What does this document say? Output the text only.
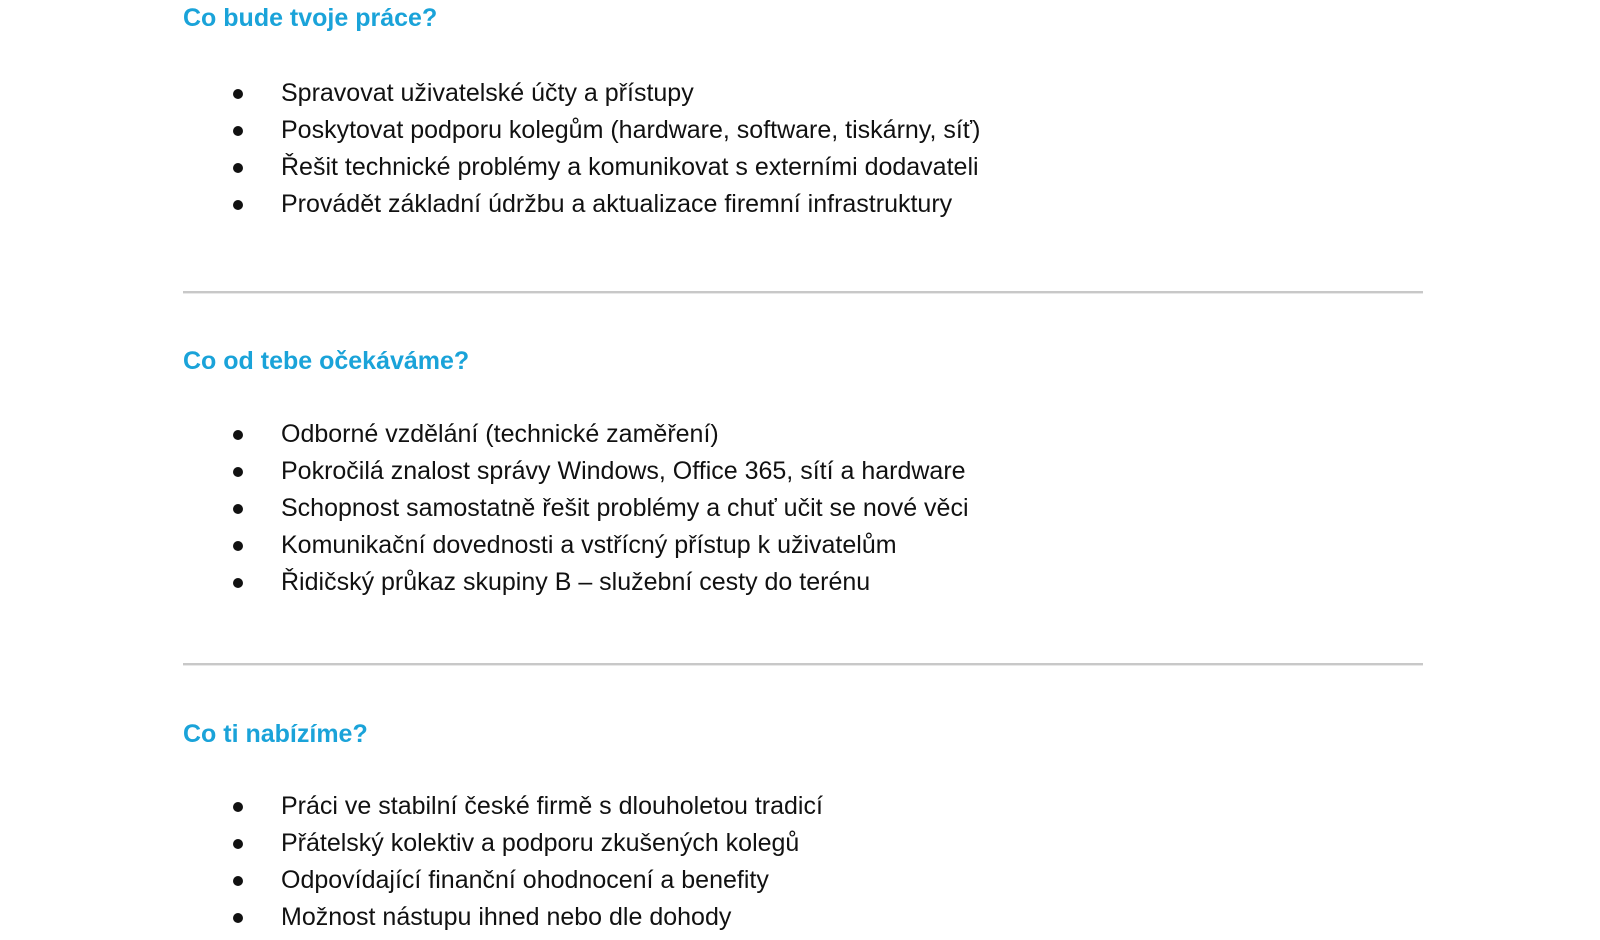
Co bude tvoje práce?
Spravovat uživatelské účty a přístupy
Poskytovat podporu kolegům (hardware, software, tiskárny, síť)
Řešit technické problémy a komunikovat s externími dodavateli
Provádět základní údržbu a aktualizace firemní infrastruktury
Co od tebe očekáváme?
Odborné vzdělání (technické zaměření)
Pokročilá znalost správy Windows, Office 365, sítí a hardware
Schopnost samostatně řešit problémy a chuť učit se nové věci
Komunikační dovednosti a vstřícný přístup k uživatelům
Řidičský průkaz skupiny B – služební cesty do terénu
Co ti nabízíme?
Práci ve stabilní české firmě s dlouholetou tradicí
Přátelský kolektiv a podporu zkušených kolegů
Odpovídající finanční ohodnocení a benefity
Možnost nástupu ihned nebo dle dohody
